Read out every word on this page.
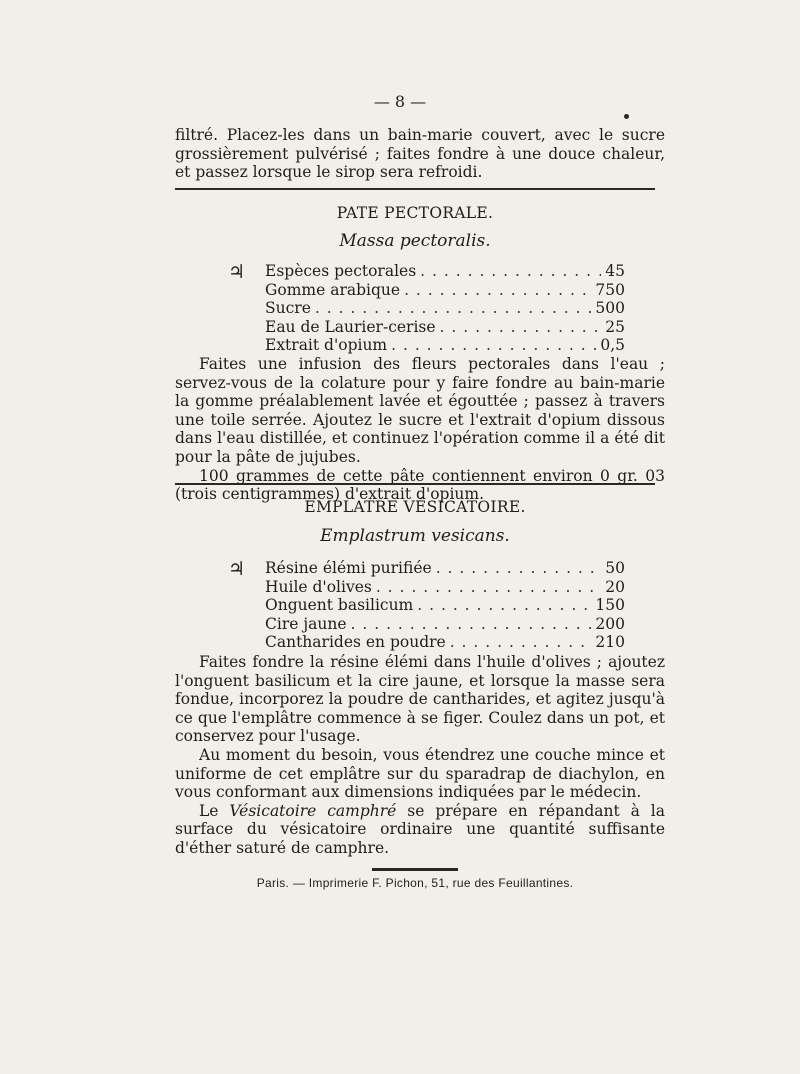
— 8 —

filtré. Placez-les dans un bain-marie couvert, avec le sucre grossièrement pulvérisé ; faites fondre à une douce chaleur, et passez lorsque le sirop sera refroidi.

PATE PECTORALE.
Massa pectoralis.
♃ Espèces pectorales . . .	45
Gomme arabique . . .	750
Sucre . . .	500
Eau de Laurier-cerise . . .	25
Extrait d'opium . . .	0,5

Faites une infusion des fleurs pectorales dans l'eau ; servez-vous de la colature pour y faire fondre au bain-marie la gomme préalablement lavée et égouttée ; passez à travers une toile serrée. Ajoutez le sucre et l'extrait d'opium dissous dans l'eau distillée, et continuez l'opération comme il a été dit pour la pâte de jujubes.

100 grammes de cette pâte contiennent environ 0 gr. 03 (trois centigrammes) d'extrait d'opium.

EMPLATRE VÉSICATOIRE.
Emplastrum vesicans.
♃ Résine élémi purifiée . . .	50
Huile d'olives . . .	20
Onguent basilicum . . .	150
Cire jaune . . .	200
Cantharides en poudre . . .	210

Faites fondre la résine élémi dans l'huile d'olives ; ajoutez l'onguent basilicum et la cire jaune, et lorsque la masse sera fondue, incorporez la poudre de cantharides, et agitez jusqu'à ce que l'emplâtre commence à se figer. Coulez dans un pot, et conservez pour l'usage.

Au moment du besoin, vous étendrez une couche mince et uniforme de cet emplâtre sur du sparadrap de diachylon, en vous conformant aux dimensions indiquées par le médecin.

Le Vésicatoire camphré se prépare en répandant à la surface du vésicatoire ordinaire une quantité suffisante d'éther saturé de camphre.

Paris. — Imprimerie F. Pichon, 51, rue des Feuillantines.
